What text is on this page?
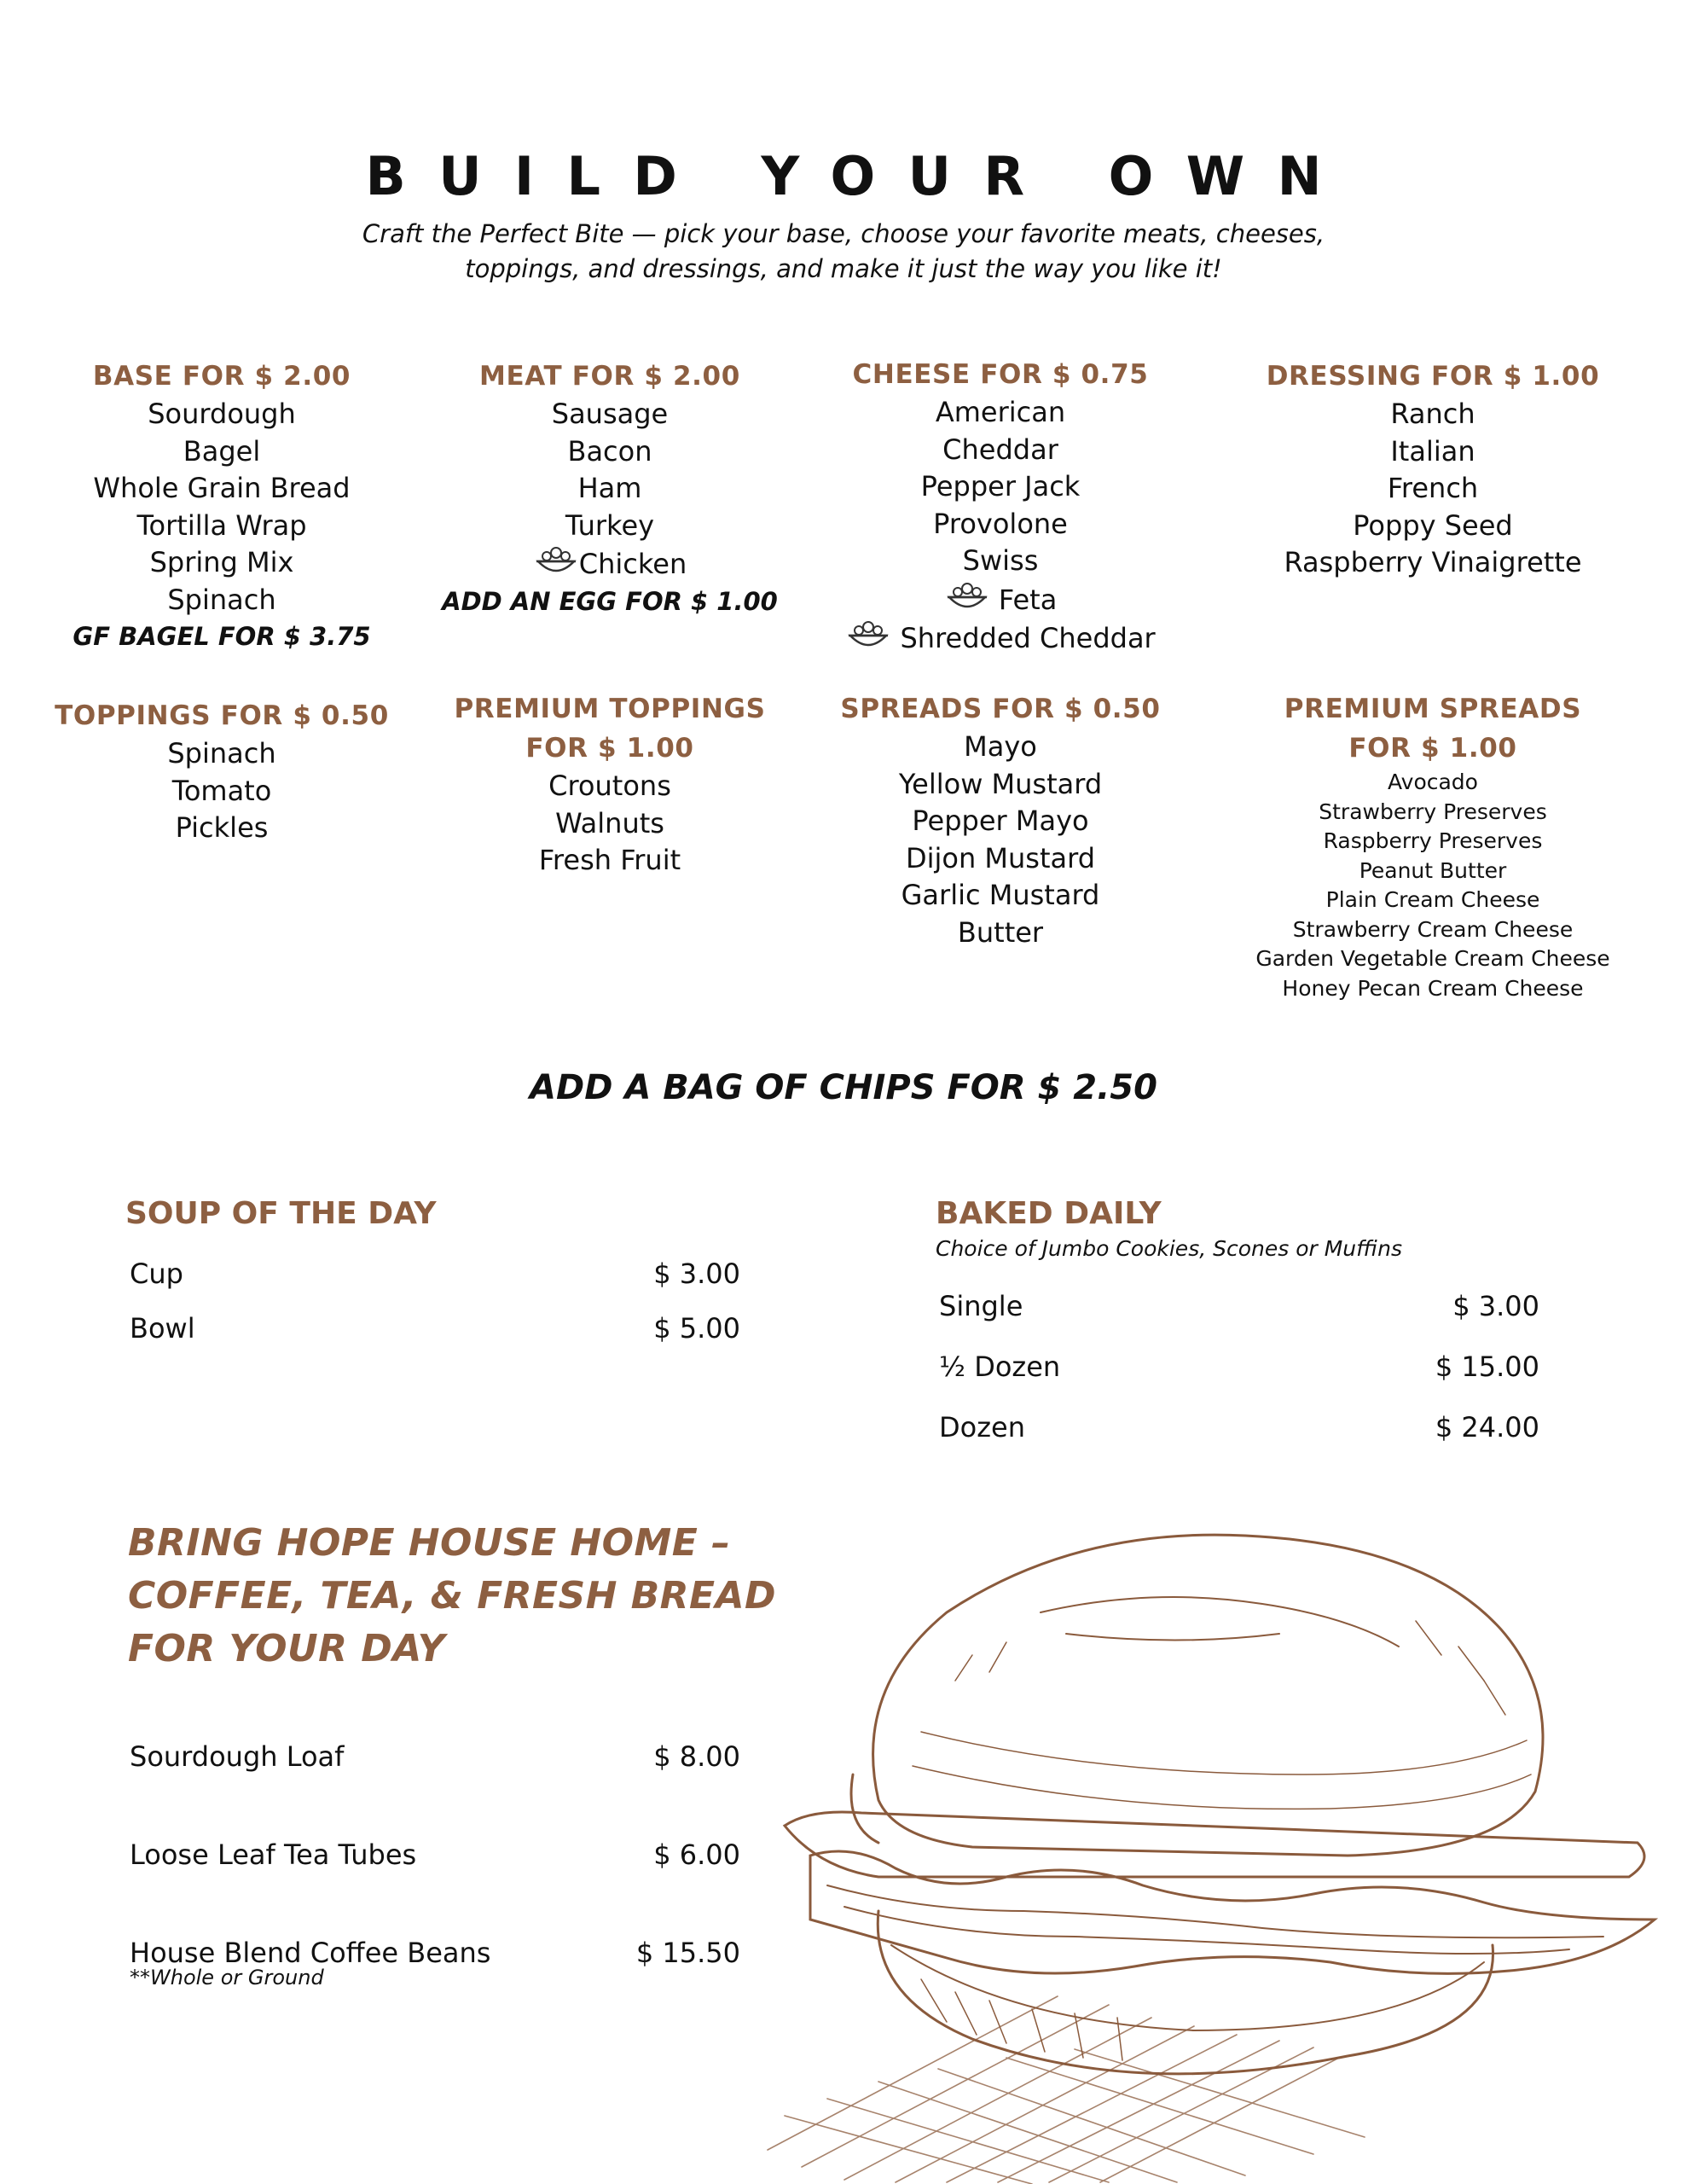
BUILD YOUR OWN
Craft the Perfect Bite — pick your base, choose your favorite meats, cheeses,
toppings, and dressings, and make it just the way you like it!
BASE FOR $ 2.00
Sourdough
Bagel
Whole Grain Bread
Tortilla Wrap
Spring Mix
Spinach
GF BAGEL FOR $ 3.75
MEAT FOR $ 2.00
Sausage
Bacon
Ham
Turkey
Chicken
ADD AN EGG FOR $ 1.00
CHEESE FOR $ 0.75
American
Cheddar
Pepper Jack
Provolone
Swiss
Feta
Shredded Cheddar
DRESSING FOR $ 1.00
Ranch
Italian
French
Poppy Seed
Raspberry Vinaigrette
TOPPINGS FOR $ 0.50
Spinach
Tomato
Pickles
PREMIUM TOPPINGS
FOR $ 1.00
Croutons
Walnuts
Fresh Fruit
SPREADS FOR $ 0.50
Mayo
Yellow Mustard
Pepper Mayo
Dijon Mustard
Garlic Mustard
Butter
PREMIUM SPREADS
FOR $ 1.00
Avocado
Strawberry Preserves
Raspberry Preserves
Peanut Butter
Plain Cream Cheese
Strawberry Cream Cheese
Garden Vegetable Cream Cheese
Honey Pecan Cream Cheese
ADD A BAG OF CHIPS FOR $ 2.50
SOUP OF THE DAY
Cup	$ 3.00
Bowl	$ 5.00
BAKED DAILY
Choice of Jumbo Cookies, Scones or Muffins
Single	$ 3.00
½ Dozen	$ 15.00
Dozen	$ 24.00
BRING HOPE HOUSE HOME –
COFFEE, TEA, & FRESH BREAD
FOR YOUR DAY
Sourdough Loaf	$ 8.00
Loose Leaf Tea Tubes	$ 6.00
House Blend Coffee Beans	$ 15.50
**Whole or Ground
